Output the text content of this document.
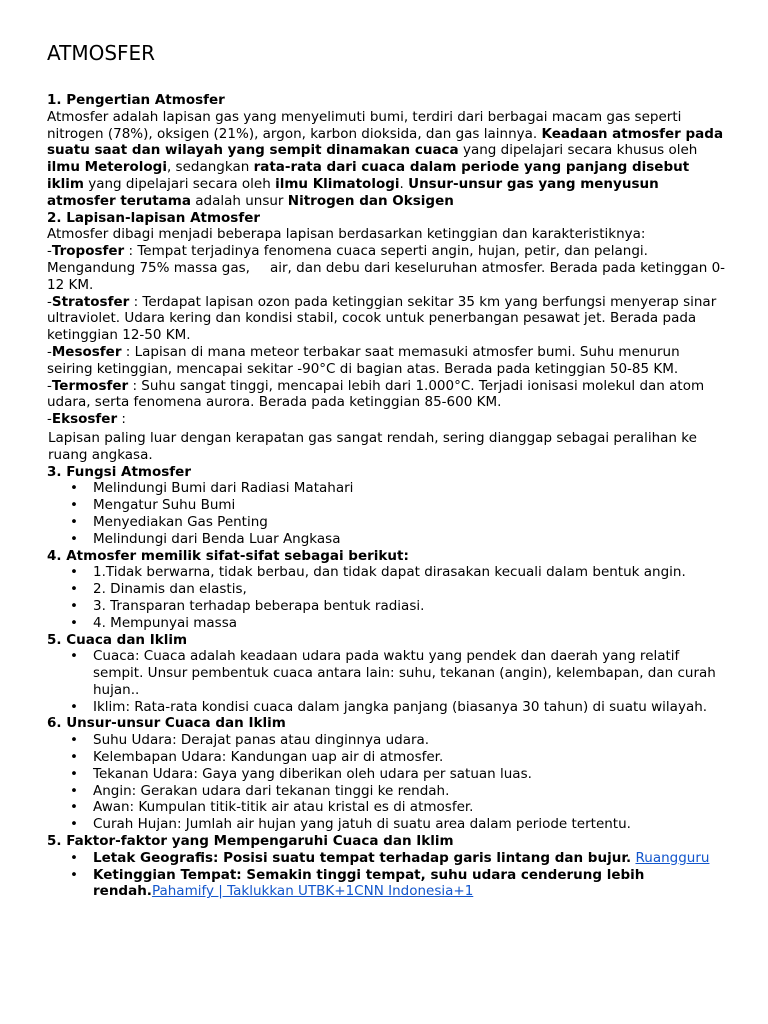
ATMOSFER
1. Pengertian Atmosfer

Atmosfer adalah lapisan gas yang menyelimuti bumi, terdiri dari berbagai macam gas seperti nitrogen (78%), oksigen (21%), argon, karbon dioksida, dan gas lainnya. Keadaan atmosfer pada suatu saat dan wilayah yang sempit dinamakan cuaca yang dipelajari secara khusus oleh ilmu Meterologi, sedangkan rata-rata dari cuaca dalam periode yang panjang disebut iklim yang dipelajari secara oleh ilmu Klimatologi. Unsur-unsur gas yang menyusun atmosfer terutama adalah unsur Nitrogen dan Oksigen

2. Lapisan-lapisan Atmosfer

Atmosfer dibagi menjadi beberapa lapisan berdasarkan ketinggian dan karakteristiknya:

-Troposfer : Tempat terjadinya fenomena cuaca seperti angin, hujan, petir, dan pelangi. Mengandung 75% massa gas, air, dan debu dari keseluruhan atmosfer. Berada pada ketinggan 0-12 KM.

-Stratosfer : Terdapat lapisan ozon pada ketinggian sekitar 35 km yang berfungsi menyerap sinar ultraviolet. Udara kering dan kondisi stabil, cocok untuk penerbangan pesawat jet. Berada pada ketinggian 12-50 KM.

-Mesosfer : Lapisan di mana meteor terbakar saat memasuki atmosfer bumi. Suhu menurun seiring ketinggian, mencapai sekitar -90°C di bagian atas. Berada pada ketinggian 50-85 KM.

-Termosfer : Suhu sangat tinggi, mencapai lebih dari 1.000°C. Terjadi ionisasi molekul dan atom udara, serta fenomena aurora. Berada pada ketinggian 85-600 KM.

-Eksosfer :

Lapisan paling luar dengan kerapatan gas sangat rendah, sering dianggap sebagai peralihan ke ruang angkasa.

3. Fungsi Atmosfer
• Melindungi Bumi dari Radiasi Matahari
• Mengatur Suhu Bumi
• Menyediakan Gas Penting
• Melindungi dari Benda Luar Angkasa
4. Atmosfer memilik sifat-sifat sebagai berikut:
• 1.Tidak berwarna, tidak berbau, dan tidak dapat dirasakan kecuali dalam bentuk angin.
• 2. Dinamis dan elastis,
• 3. Transparan terhadap beberapa bentuk radiasi.
• 4. Mempunyai massa
5. Cuaca dan Iklim
• Cuaca: Cuaca adalah keadaan udara pada waktu yang pendek dan daerah yang relatif sempit. Unsur pembentuk cuaca antara lain: suhu, tekanan (angin), kelembapan, dan curah hujan..
• Iklim: Rata-rata kondisi cuaca dalam jangka panjang (biasanya 30 tahun) di suatu wilayah.
6. Unsur-unsur Cuaca dan Iklim
• Suhu Udara: Derajat panas atau dinginnya udara.
• Kelembapan Udara: Kandungan uap air di atmosfer.
• Tekanan Udara: Gaya yang diberikan oleh udara per satuan luas.
• Angin: Gerakan udara dari tekanan tinggi ke rendah.
• Awan: Kumpulan titik-titik air atau kristal es di atmosfer.
• Curah Hujan: Jumlah air hujan yang jatuh di suatu area dalam periode tertentu.
5. Faktor-faktor yang Mempengaruhi Cuaca dan Iklim
• Letak Geografis: Posisi suatu tempat terhadap garis lintang dan bujur. Ruangguru
• Ketinggian Tempat: Semakin tinggi tempat, suhu udara cenderung lebih rendah.Pahamify | Taklukkan UTBK+1CNN Indonesia+1
